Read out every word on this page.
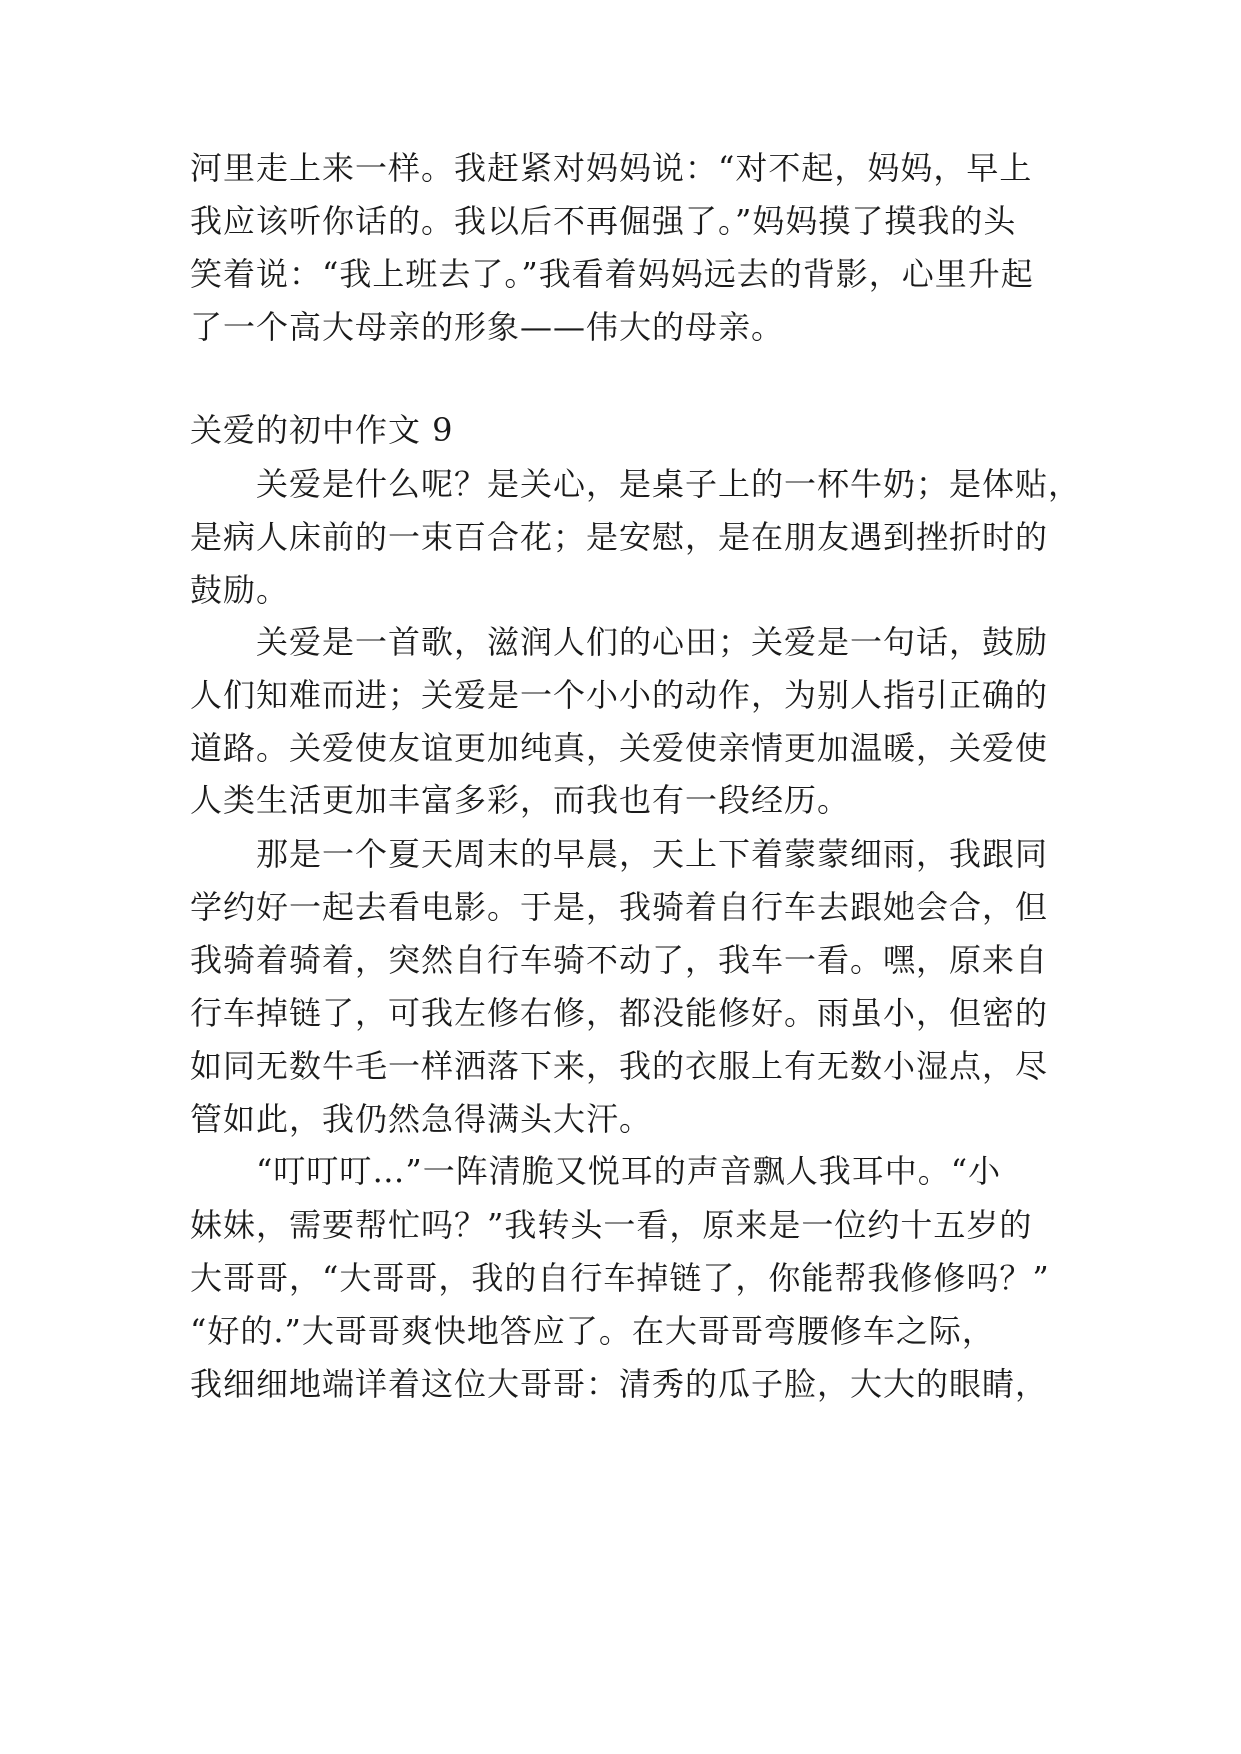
河里走上来一样。我赶紧对妈妈说：“对不起，妈妈，早上
我应该听你话的。我以后不再倔强了。”妈妈摸了摸我的头
笑着说：“我上班去了。”我看着妈妈远去的背影，心里升起
了一个高大母亲的形象——伟大的母亲。
关爱的初中作文 9
关爱是什么呢？是关心，是桌子上的一杯牛奶；是体贴，
是病人床前的一束百合花；是安慰，是在朋友遇到挫折时的
鼓励。
关爱是一首歌，滋润人们的心田；关爱是一句话，鼓励
人们知难而进；关爱是一个小小的动作，为别人指引正确的
道路。关爱使友谊更加纯真，关爱使亲情更加温暖，关爱使
人类生活更加丰富多彩，而我也有一段经历。
那是一个夏天周末的早晨，天上下着蒙蒙细雨，我跟同
学约好一起去看电影。于是，我骑着自行车去跟她会合，但
我骑着骑着，突然自行车骑不动了，我车一看。嘿，原来自
行车掉链了，可我左修右修，都没能修好。雨虽小，但密的
如同无数牛毛一样洒落下来，我的衣服上有无数小湿点，尽
管如此，我仍然急得满头大汗。
“叮叮叮…”一阵清脆又悦耳的声音飘人我耳中。“小
妹妹，需要帮忙吗？”我转头一看，原来是一位约十五岁的
大哥哥，“大哥哥，我的自行车掉链了，你能帮我修修吗？”
“好的.”大哥哥爽快地答应了。在大哥哥弯腰修车之际，
我细细地端详着这位大哥哥：清秀的瓜子脸，大大的眼睛，
